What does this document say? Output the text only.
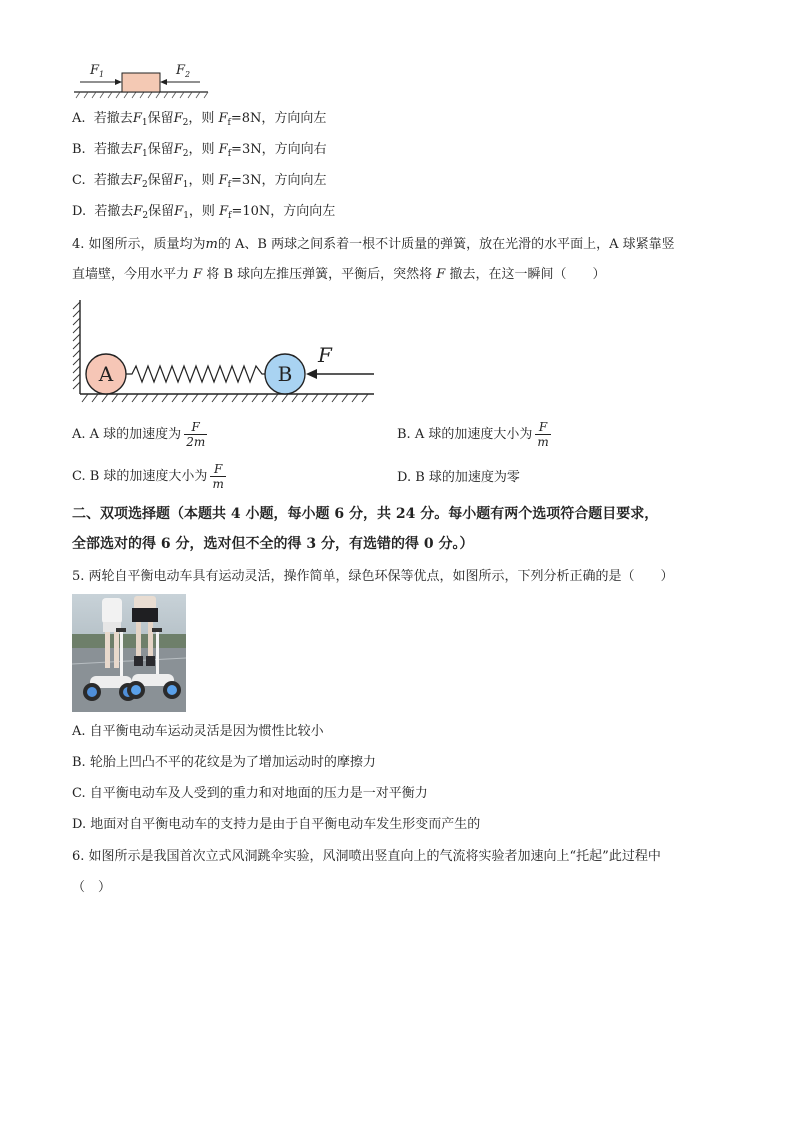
$F_1$	$F_2$
A. 若撤去$F_1$保留$F_2$，则 $F_f=8N$，方向向左
B. 若撤去$F_1$保留$F_2$，则 $F_f=3N$，方向向右
C. 若撤去$F_2$保留$F_1$，则 $F_f=3N$，方向向左
D. 若撤去$F_2$保留$F_1$，则 $F_f=10N$，方向向左
4. 如图所示，质量均为m的 A、B 两球之间系着一根不计质量的弹簧，放在光滑的水平面上，A 球紧靠竖
直墙壁，今用水平力 F 将 B 球向左推压弹簧，平衡后，突然将 F 撤去，在这一瞬间（　　）
A	B
F
A. A 球的加速度为 $\frac{F}{2m}$	B. A 球的加速度大小为 $\frac{F}{m}$
C. B 球的加速度大小为 $\frac{F}{m}$	D. B 球的加速度为零
二、双项选择题（本题共 4 小题，每小题 6 分，共 24 分。每小题有两个选项符合题目要求，
全部选对的得 6 分，选对但不全的得 3 分，有选错的得 0 分。）
5. 两轮自平衡电动车具有运动灵活，操作简单，绿色环保等优点，如图所示，下列分析正确的是（　　）
A. 自平衡电动车运动灵活是因为惯性比较小
B. 轮胎上凹凸不平的花纹是为了增加运动时的摩擦力
C. 自平衡电动车及人受到的重力和对地面的压力是一对平衡力
D. 地面对自平衡电动车的支持力是由于自平衡电动车发生形变而产生的
6. 如图所示是我国首次立式风洞跳伞实验，风洞喷出竖直向上的气流将实验者加速向上“托起”此过程中
（　）
